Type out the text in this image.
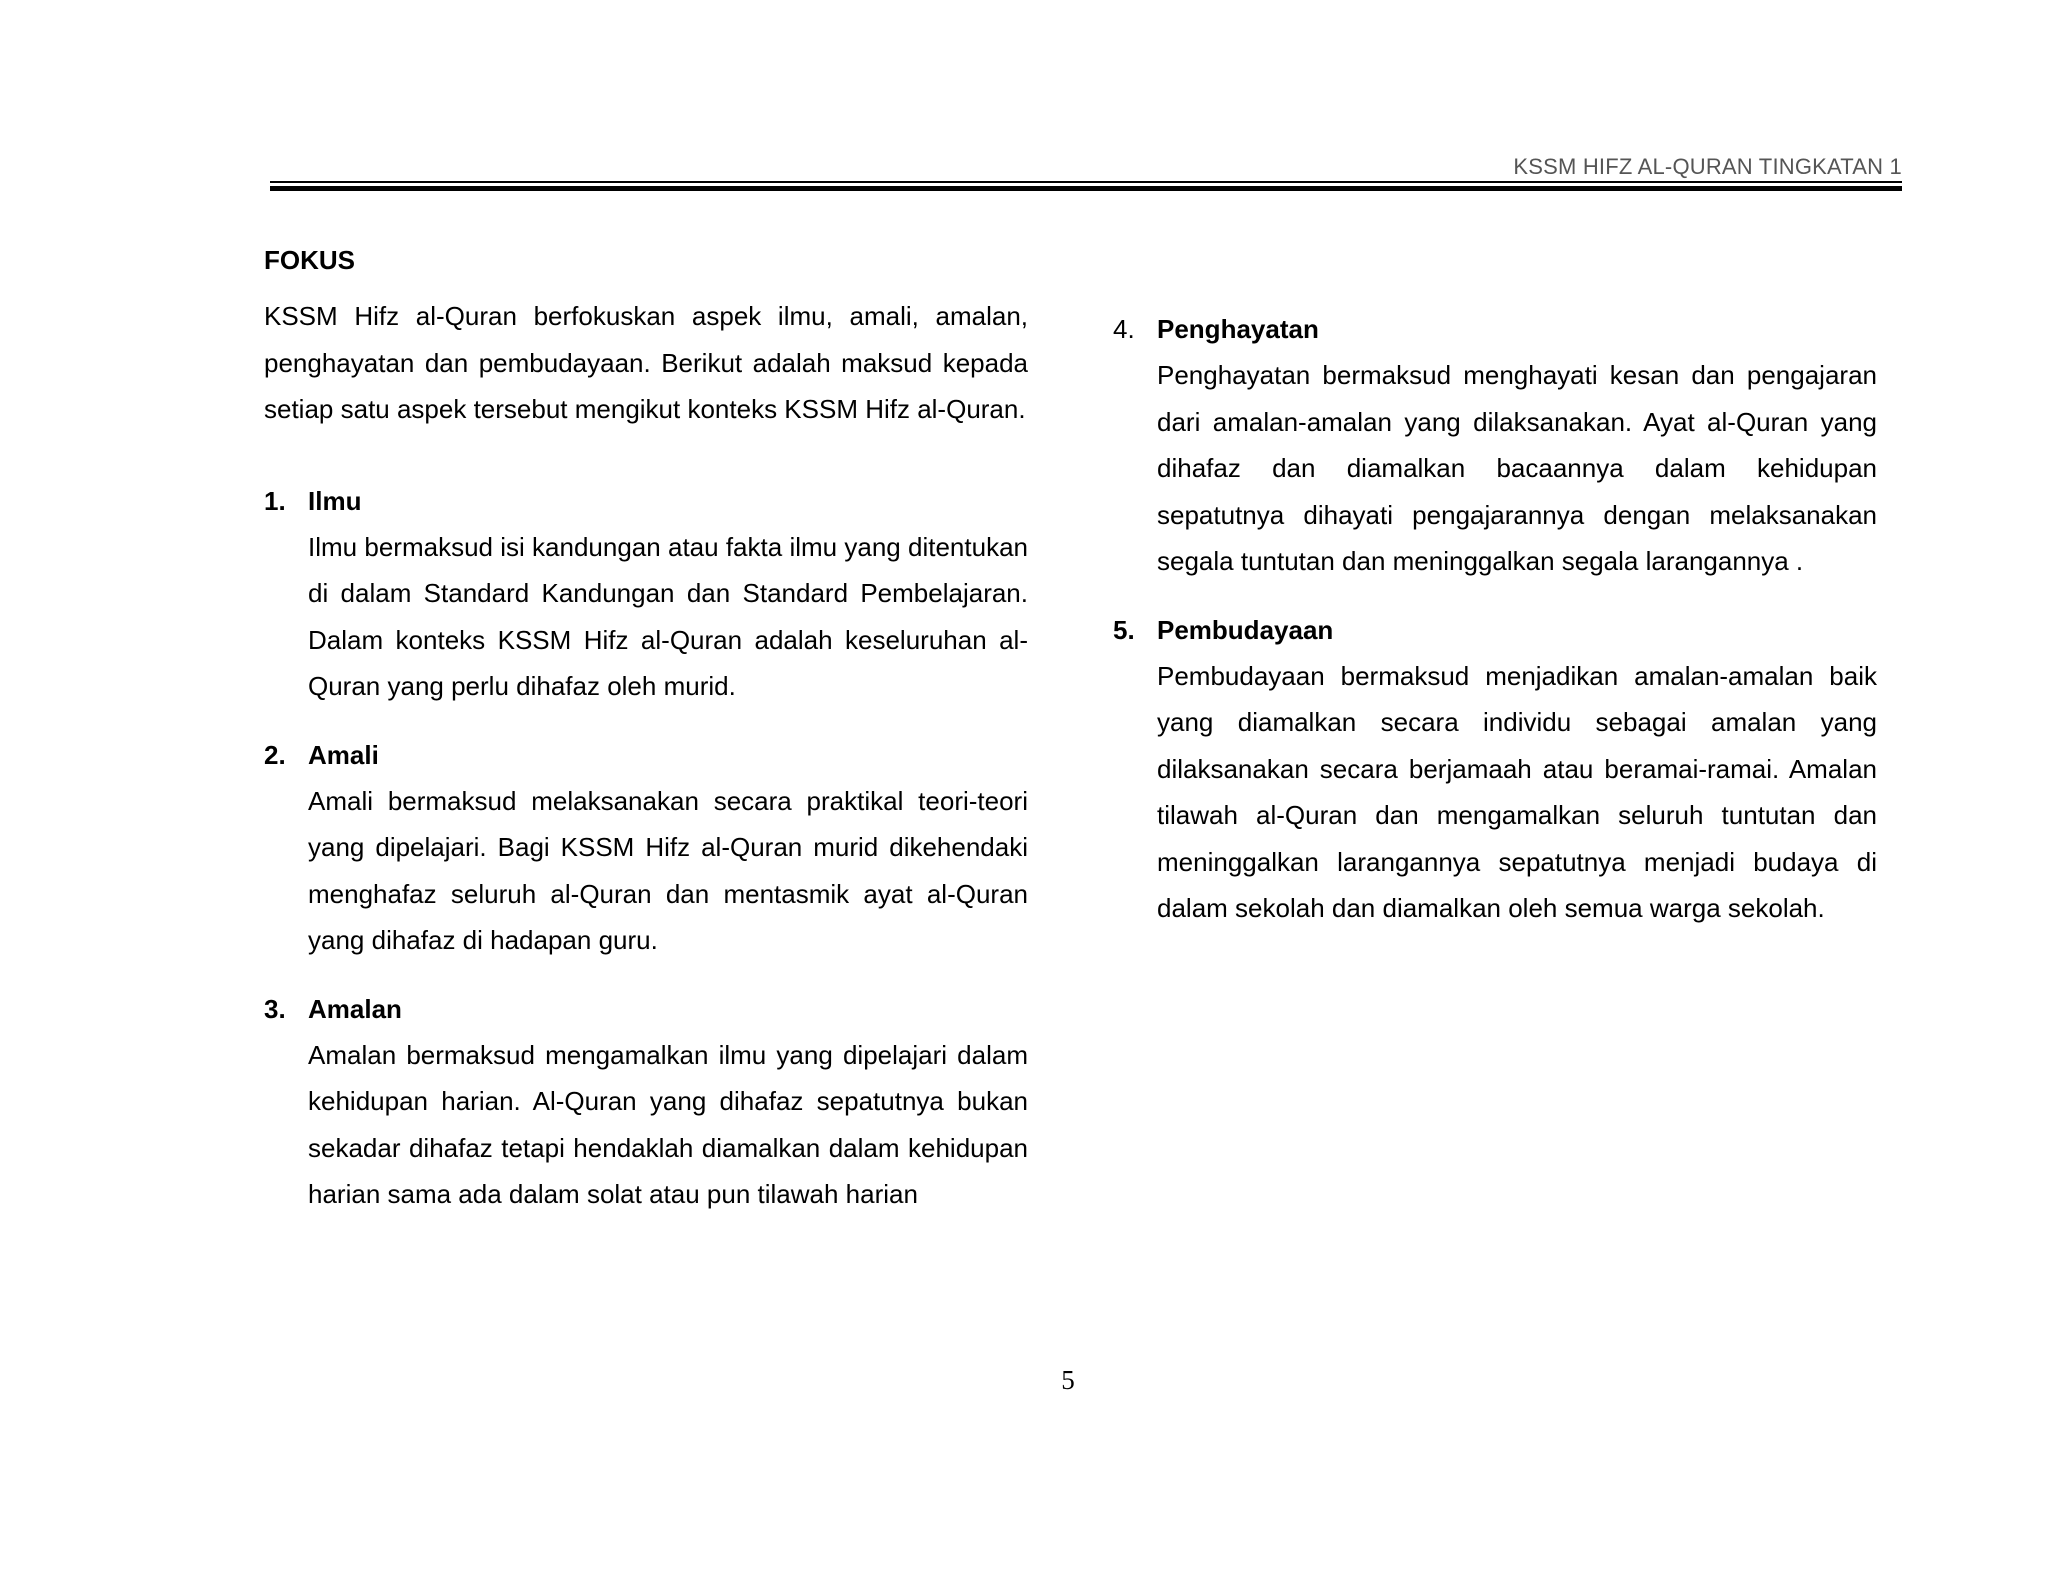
KSSM HIFZ AL-QURAN TINGKATAN 1
FOKUS
KSSM Hifz al-Quran berfokuskan aspek ilmu, amali, amalan, penghayatan dan pembudayaan. Berikut adalah maksud kepada setiap satu aspek tersebut mengikut konteks KSSM Hifz al-Quran.
1. Ilmu
Ilmu bermaksud isi kandungan atau fakta ilmu yang ditentukan di dalam Standard Kandungan dan Standard Pembelajaran. Dalam konteks KSSM Hifz al-Quran adalah keseluruhan al-Quran yang perlu dihafaz oleh murid.
2. Amali
Amali bermaksud melaksanakan secara praktikal teori-teori yang dipelajari. Bagi KSSM Hifz al-Quran murid dikehendaki menghafaz seluruh al-Quran dan mentasmik ayat al-Quran yang dihafaz di hadapan guru.
3. Amalan
Amalan bermaksud mengamalkan ilmu yang dipelajari dalam kehidupan harian. Al-Quran yang dihafaz sepatutnya bukan sekadar dihafaz tetapi hendaklah diamalkan dalam kehidupan harian sama ada dalam solat atau pun tilawah harian
4. Penghayatan
Penghayatan bermaksud menghayati kesan dan pengajaran dari amalan-amalan yang dilaksanakan. Ayat al-Quran yang dihafaz dan diamalkan bacaannya dalam kehidupan sepatutnya dihayati pengajarannya dengan melaksanakan segala tuntutan dan meninggalkan segala larangannya .
5. Pembudayaan
Pembudayaan bermaksud menjadikan amalan-amalan baik yang diamalkan secara individu sebagai amalan yang dilaksanakan secara berjamaah atau beramai-ramai. Amalan tilawah al-Quran dan mengamalkan seluruh tuntutan dan meninggalkan larangannya sepatutnya menjadi budaya di dalam sekolah dan diamalkan oleh semua warga sekolah.
5
